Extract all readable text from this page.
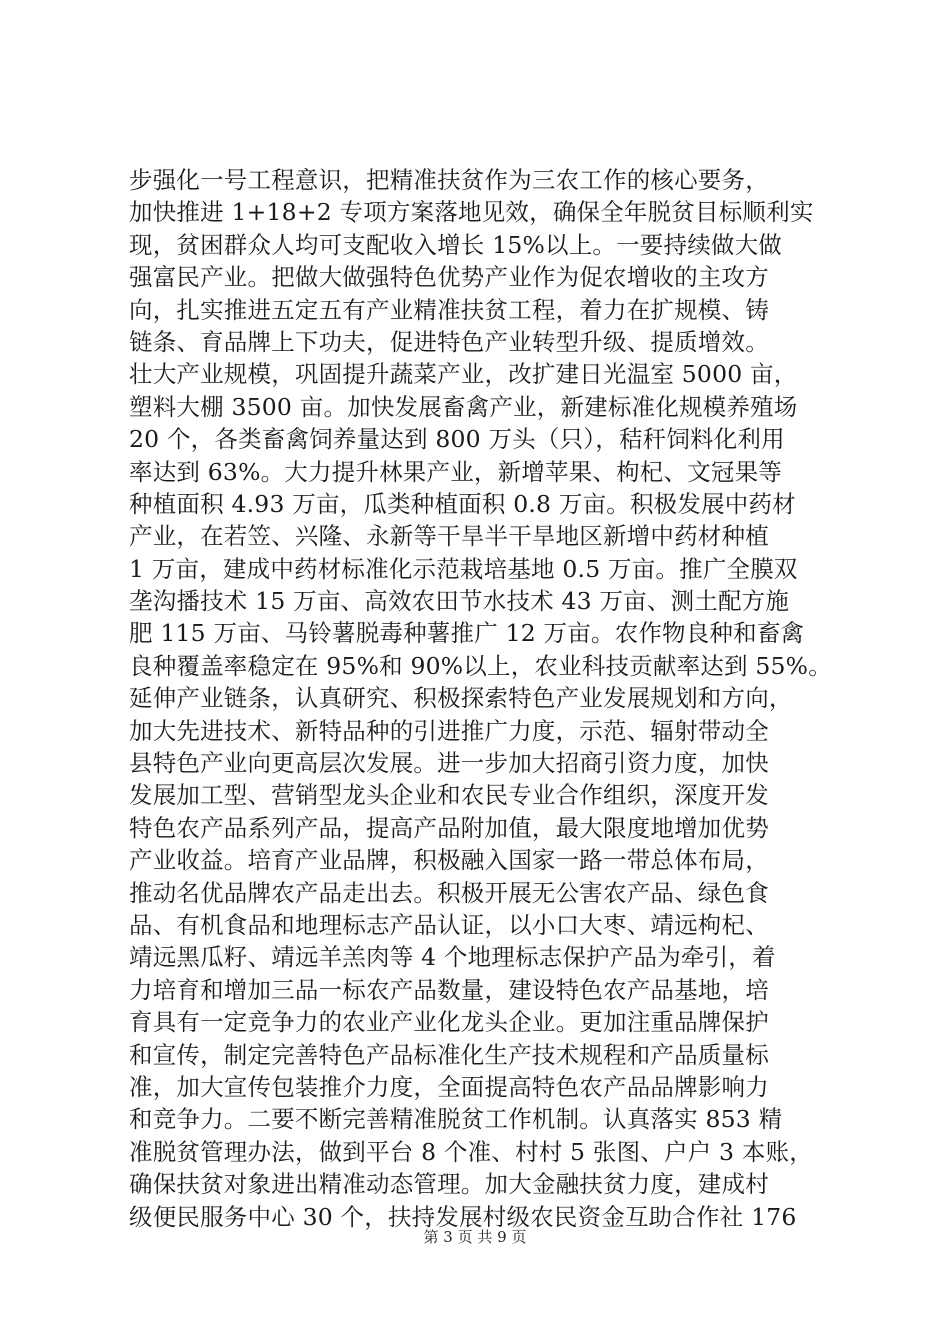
步强化一号工程意识，把精准扶贫作为三农工作的核心要务，
加快推进 1+18+2 专项方案落地见效，确保全年脱贫目标顺利实
现，贫困群众人均可支配收入增长 15%以上。一要持续做大做
强富民产业。把做大做强特色优势产业作为促农增收的主攻方
向，扎实推进五定五有产业精准扶贫工程，着力在扩规模、铸
链条、育品牌上下功夫，促进特色产业转型升级、提质增效。
壮大产业规模，巩固提升蔬菜产业，改扩建日光温室 5000 亩，
塑料大棚 3500 亩。加快发展畜禽产业，新建标准化规模养殖场
20 个，各类畜禽饲养量达到 800 万头（只），秸秆饲料化利用
率达到 63%。大力提升林果产业，新增苹果、枸杞、文冠果等
种植面积 4.93 万亩，瓜类种植面积 0.8 万亩。积极发展中药材
产业，在若笠、兴隆、永新等干旱半干旱地区新增中药材种植
1 万亩，建成中药材标准化示范栽培基地 0.5 万亩。推广全膜双
垄沟播技术 15 万亩、高效农田节水技术 43 万亩、测土配方施
肥 115 万亩、马铃薯脱毒种薯推广 12 万亩。农作物良种和畜禽
良种覆盖率稳定在 95%和 90%以上，农业科技贡献率达到 55%。
延伸产业链条，认真研究、积极探索特色产业发展规划和方向，
加大先进技术、新特品种的引进推广力度，示范、辐射带动全
县特色产业向更高层次发展。进一步加大招商引资力度，加快
发展加工型、营销型龙头企业和农民专业合作组织，深度开发
特色农产品系列产品，提高产品附加值，最大限度地增加优势
产业收益。培育产业品牌，积极融入国家一路一带总体布局，
推动名优品牌农产品走出去。积极开展无公害农产品、绿色食
品、有机食品和地理标志产品认证，以小口大枣、靖远枸杞、
靖远黑瓜籽、靖远羊羔肉等 4 个地理标志保护产品为牵引，着
力培育和增加三品一标农产品数量，建设特色农产品基地，培
育具有一定竞争力的农业产业化龙头企业。更加注重品牌保护
和宣传，制定完善特色产品标准化生产技术规程和产品质量标
准，加大宣传包装推介力度，全面提高特色农产品品牌影响力
和竞争力。二要不断完善精准脱贫工作机制。认真落实 853 精
准脱贫管理办法，做到平台 8 个准、村村 5 张图、户户 3 本账，
确保扶贫对象进出精准动态管理。加大金融扶贫力度，建成村
级便民服务中心 30 个，扶持发展村级农民资金互助合作社 176
第 3 页 共 9 页
